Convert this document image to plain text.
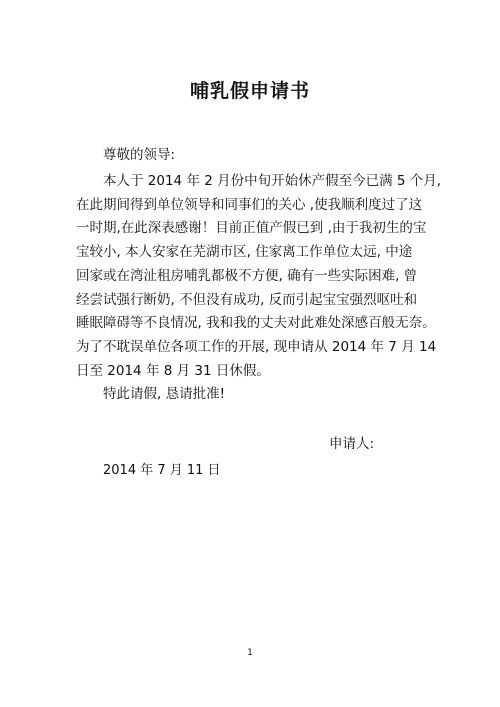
哺乳假申请书
尊敬的领导:
本人于 2014 年 2 月份中旬开始休产假至今已满 5 个月,
在此期间得到单位领导和同事们的关心 ,使我顺利度过了这
一时期,在此深表感谢！目前正值产假已到 ,由于我初生的宝
宝较小, 本人安家在芜湖市区, 住家离工作单位太远, 中途
回家或在湾沚租房哺乳都极不方便, 确有一些实际困难, 曾
经尝试强行断奶, 不但没有成功, 反而引起宝宝强烈呕吐和
睡眠障碍等不良情况, 我和我的丈夫对此难处深感百般无奈。
为了不耽误单位各项工作的开展, 现申请从 2014 年 7 月 14
日至 2014 年 8 月 31 日休假。
特此请假, 恳请批准!
申请人:
2014 年 7 月 11 日
1
